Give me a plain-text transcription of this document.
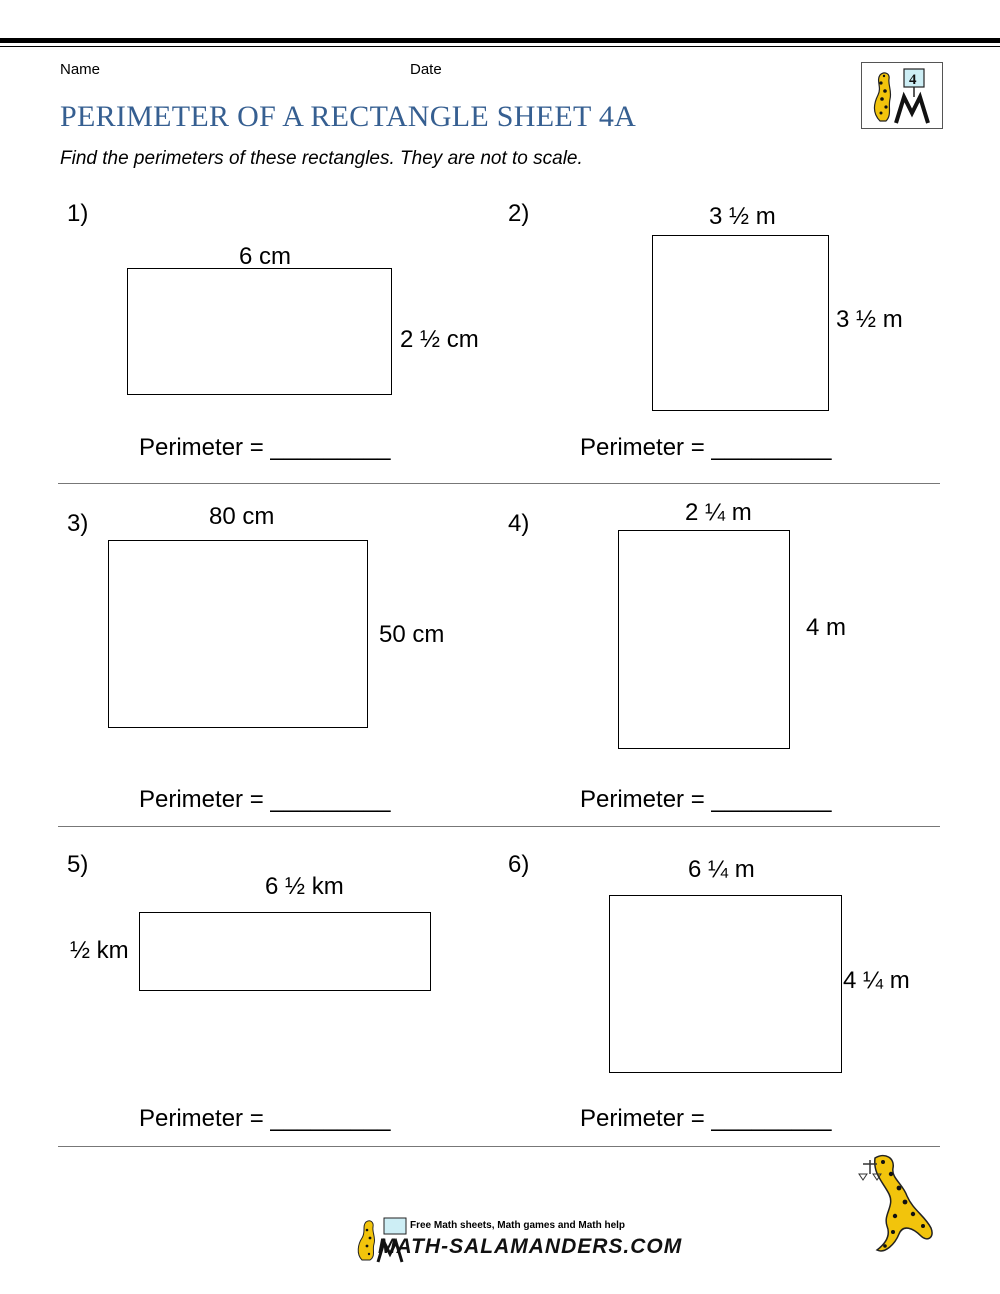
Name	Date
4
PERIMETER OF A RECTANGLE SHEET 4A
Find the perimeters of these rectangles. They are not to scale.
1)
6 cm
2 ½ cm
Perimeter = _________
2)	3 ½ m
3 ½ m
Perimeter = _________
3)	80 cm
50 cm
Perimeter = _________
4)	2 ¼ m
4 m
Perimeter = _________
5)
6 ½ km
½ km
Perimeter = _________
6)	6 ¼ m
4 ¼ m
Perimeter = _________
Free Math sheets, Math games and Math help
MATH-SALAMANDERS.COM
